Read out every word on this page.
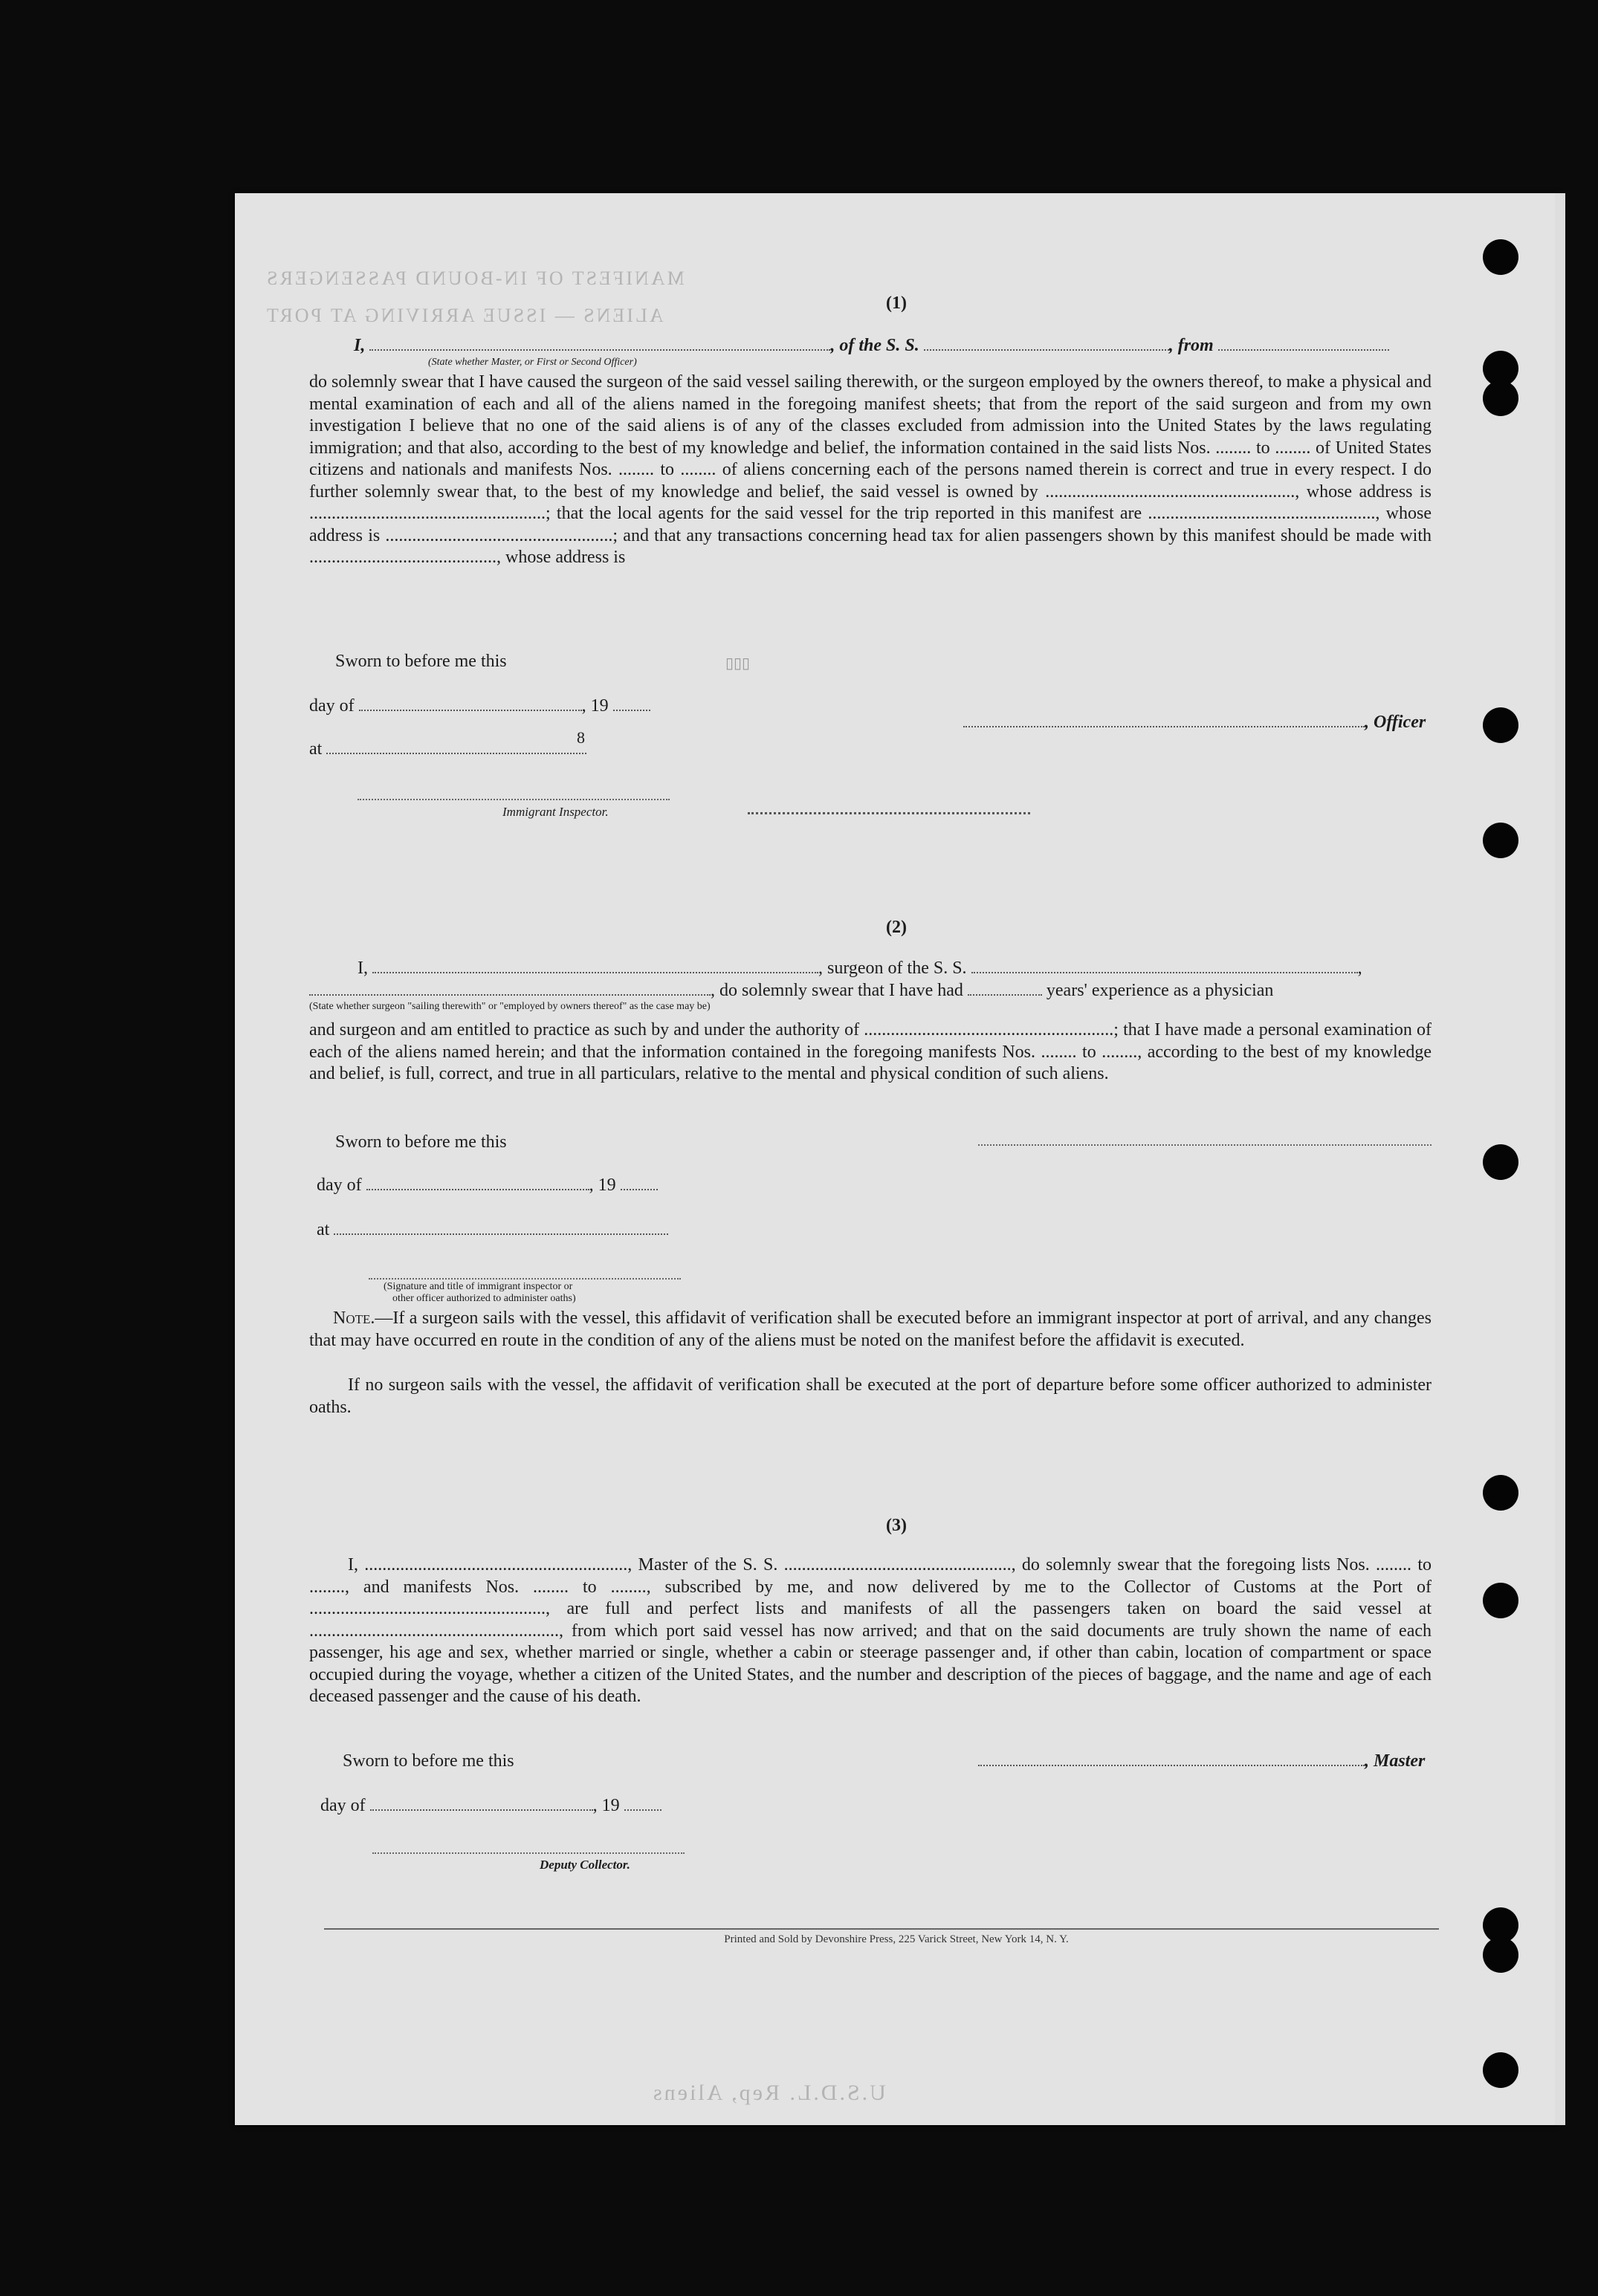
MANIFEST OF IN-BOUND PASSENGERS
ALIENS — ISSUE ARRIVING AT PORT
(1)
I,	, of the S. S.	, from
(State whether Master, or First or Second Officer)
do solemnly swear that I have caused the surgeon of the said vessel sailing therewith, or the surgeon employed by the owners thereof, to make a physical and mental examination of each and all of the aliens named in the foregoing manifest sheets; that from the report of the said surgeon and from my own investigation I believe that no one of the said aliens is of any of the classes excluded from admission into the United States by the laws regulating immigration; and that also, according to the best of my knowledge and belief, the information contained in the said lists Nos. ........ to ........ of United States citizens and nationals and manifests Nos. ........ to ........ of aliens concerning each of the persons named therein is correct and true in every respect. I do further solemnly swear that, to the best of my knowledge and belief, the said vessel is owned by ........................................................, whose address is .....................................................; that the local agents for the said vessel for the trip reported in this manifest are ..................................................., whose address is ...................................................; and that any transactions concerning head tax for alien passengers shown by this manifest should be made with .........................................., whose address is
Sworn to before me this
day of	, 19
at
8
, Officer
Immigrant Inspector.
▯▯▯
(2)
I,	, surgeon of the S. S.	,
, do solemnly swear that I have had	years' experience as a physician
(State whether surgeon "sailing therewith" or "employed by owners thereof" as the case may be)
and surgeon and am entitled to practice as such by and under the authority of ........................................................; that I have made a personal examination of each of the aliens named herein; and that the information contained in the foregoing manifests Nos. ........ to ........, according to the best of my knowledge and belief, is full, correct, and true in all particulars, relative to the mental and physical condition of such aliens.
Sworn to before me this
day of	, 19
at
(Signature and title of immigrant inspector or
other officer authorized to administer oaths)
Note.—If a surgeon sails with the vessel, this affidavit of verification shall be executed before an immigrant inspector at port of arrival, and any changes that may have occurred en route in the condition of any of the aliens must be noted on the manifest before the affidavit is executed.
If no surgeon sails with the vessel, the affidavit of verification shall be executed at the port of departure before some officer authorized to administer oaths.
(3)
I, ..........................................................., Master of the S. S. ..................................................., do solemnly swear that the foregoing lists Nos. ........ to ........, and manifests Nos. ........ to ........, subscribed by me, and now delivered by me to the Collector of Customs at the Port of ....................................................., are full and perfect lists and manifests of all the passengers taken on board the said vessel at ........................................................, from which port said vessel has now arrived; and that on the said documents are truly shown the name of each passenger, his age and sex, whether married or single, whether a cabin or steerage passenger and, if other than cabin, location of compartment or space occupied during the voyage, whether a citizen of the United States, and the number and description of the pieces of baggage, and the name and age of each deceased passenger and the cause of his death.
Sworn to before me this	, Master
day of	, 19
Deputy Collector.
Printed and Sold by Devonshire Press, 225 Varick Street, New York 14, N. Y.
U.S.D.L. Rep, Aliens
